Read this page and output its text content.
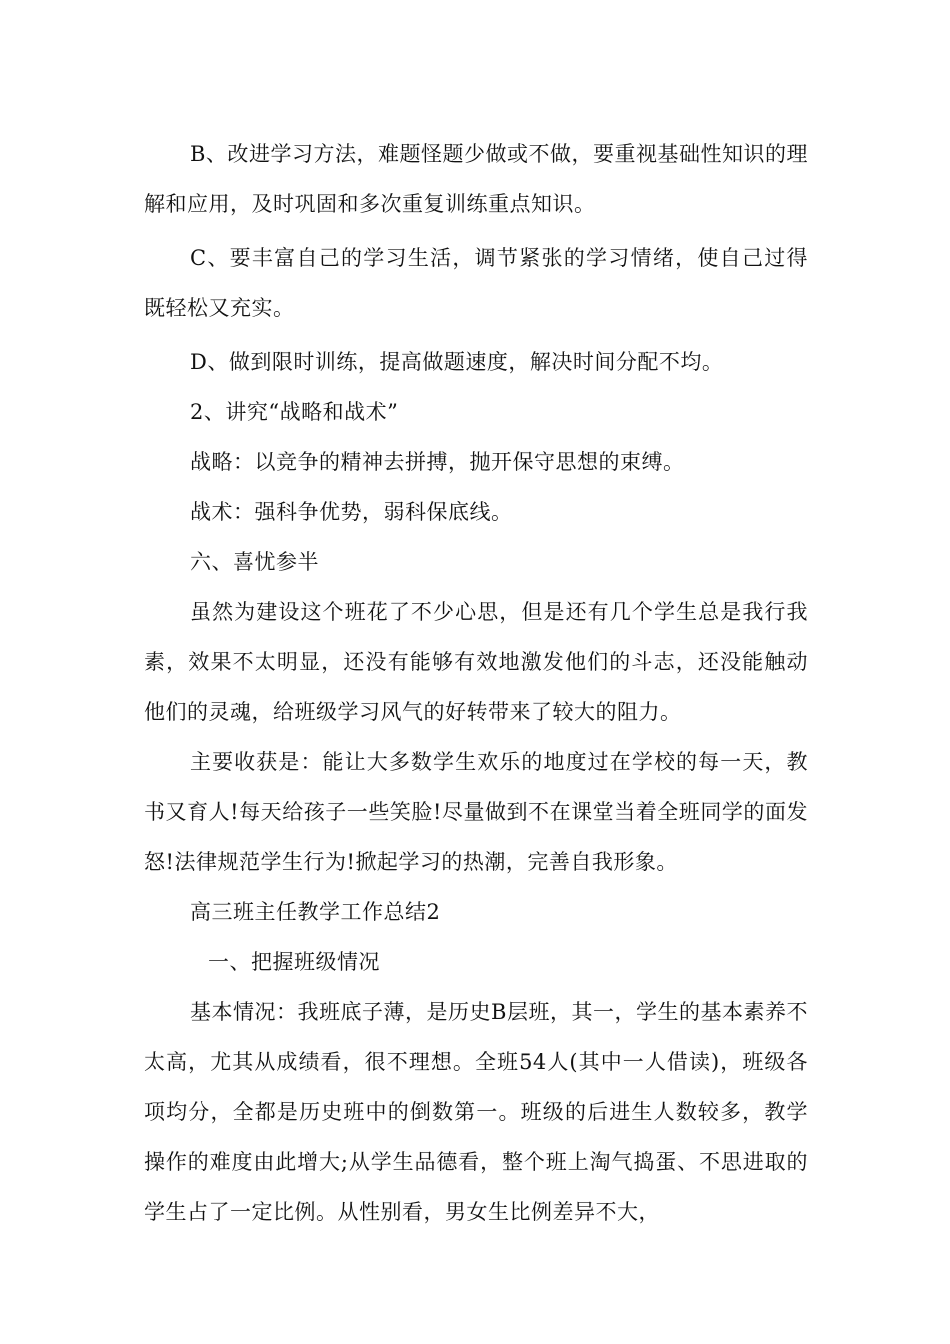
B、改进学习方法，难题怪题少做或不做，要重视基础性知识的理解和应用，及时巩固和多次重复训练重点知识。

C、要丰富自己的学习生活，调节紧张的学习情绪，使自己过得既轻松又充实。

D、做到限时训练，提高做题速度，解决时间分配不均。

2、讲究“战略和战术”

战略：以竞争的精神去拼搏，抛开保守思想的束缚。

战术：强科争优势，弱科保底线。

六、喜忧参半

虽然为建设这个班花了不少心思，但是还有几个学生总是我行我素，效果不太明显，还没有能够有效地激发他们的斗志，还没能触动他们的灵魂，给班级学习风气的好转带来了较大的阻力。

主要收获是：能让大多数学生欢乐的地度过在学校的每一天，教书又育人!每天给孩子一些笑脸!尽量做到不在课堂当着全班同学的面发怒!法律规范学生行为!掀起学习的热潮，完善自我形象。

高三班主任教学工作总结2

一、把握班级情况

基本情况：我班底子薄，是历史B层班，其一，学生的基本素养不太高，尤其从成绩看，很不理想。全班54人(其中一人借读)，班级各项均分，全都是历史班中的倒数第一。班级的后进生人数较多，教学操作的难度由此增大;从学生品德看，整个班上淘气捣蛋、不思进取的学生占了一定比例。从性别看，男女生比例差异不大，
